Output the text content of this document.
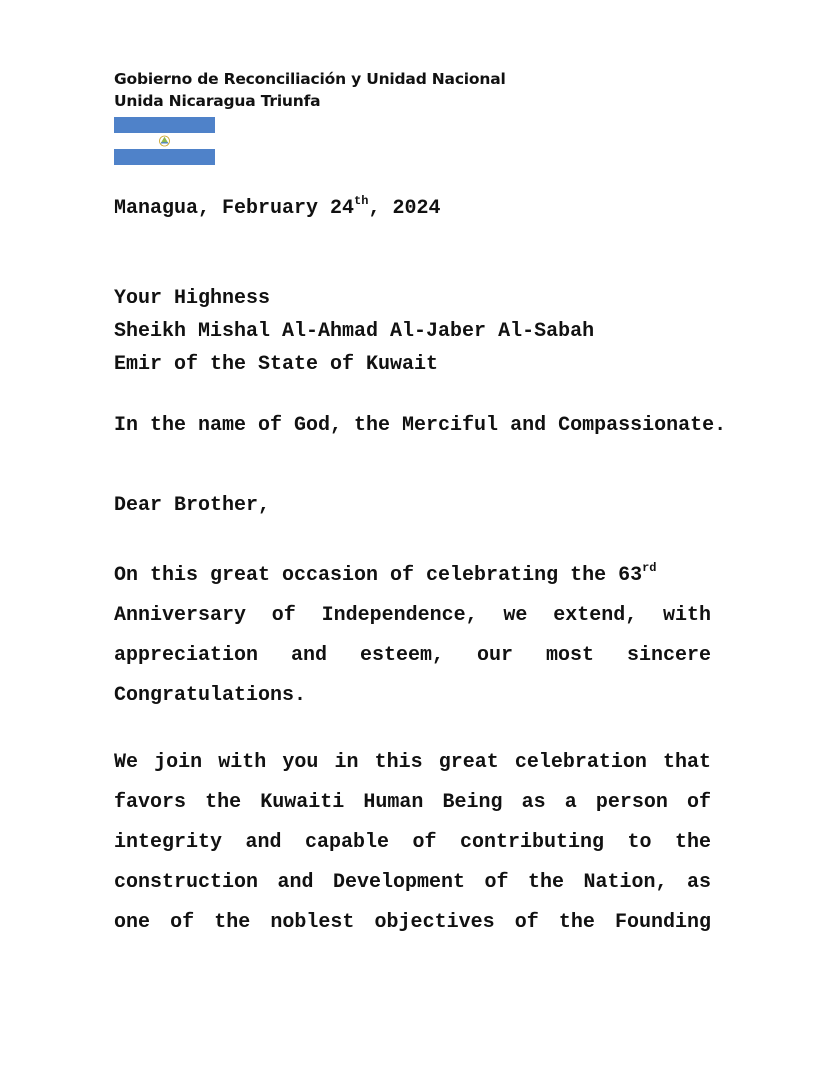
Gobierno de Reconciliación y Unidad Nacional
Unida Nicaragua Triunfa
Managua, February 24th, 2024
Your Highness
Sheikh Mishal Al-Ahmad Al-Jaber Al-Sabah
Emir of the State of Kuwait
In the name of God, the Merciful and Compassionate.
Dear Brother,
On this great occasion of celebrating the 63rd
Anniversary of Independence, we extend, with
appreciation and esteem, our most sincere
Congratulations.
We join with you in this great celebration that
favors the Kuwaiti Human Being as a person of
integrity and capable of contributing to the
construction and Development of the Nation, as
one of the noblest objectives of the Founding
